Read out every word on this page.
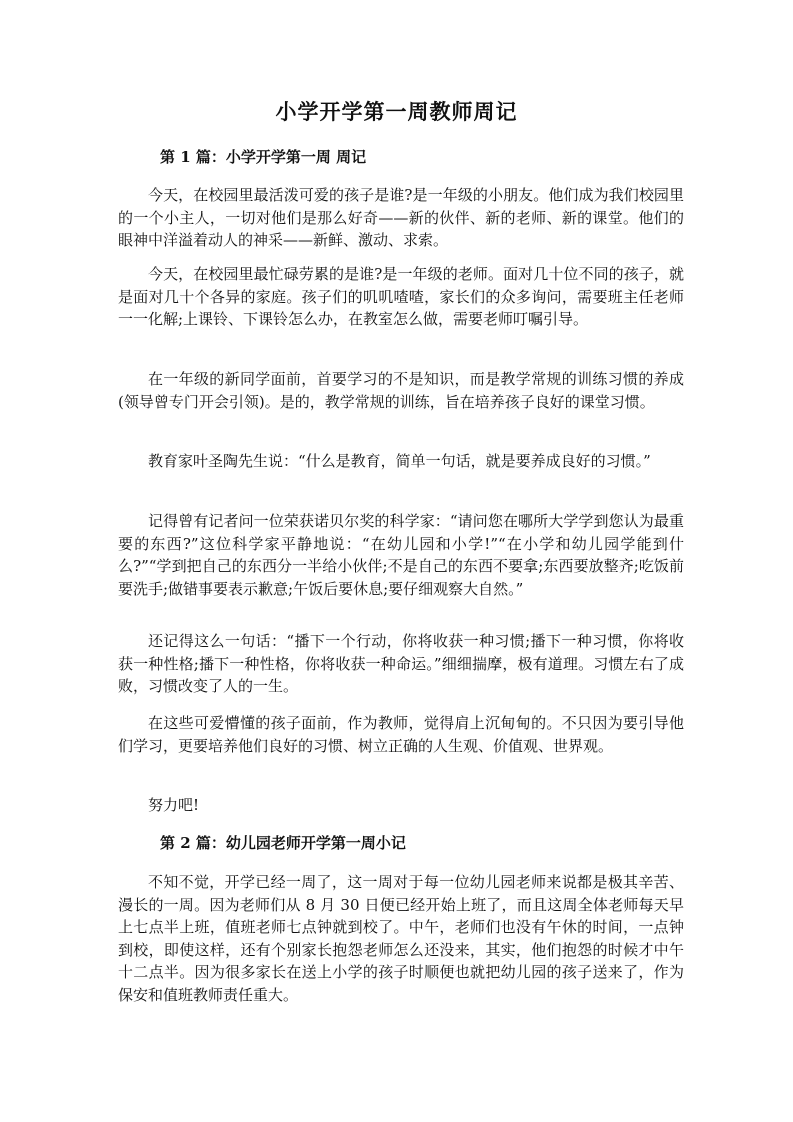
小学开学第一周教师周记
第 1 篇：小学开学第一周 周记
今天，在校园里最活泼可爱的孩子是谁?是一年级的小朋友。他们成为我们校园里的一个小主人，一切对他们是那么好奇——新的伙伴、新的老师、新的课堂。他们的眼神中洋溢着动人的神采——新鲜、激动、求索。
今天，在校园里最忙碌劳累的是谁?是一年级的老师。面对几十位不同的孩子，就是面对几十个各异的家庭。孩子们的叽叽喳喳，家长们的众多询问，需要班主任老师一一化解;上课铃、下课铃怎么办，在教室怎么做，需要老师叮嘱引导。
在一年级的新同学面前，首要学习的不是知识，而是教学常规的训练习惯的养成(领导曾专门开会引领)。是的，教学常规的训练，旨在培养孩子良好的课堂习惯。
教育家叶圣陶先生说：“什么是教育，简单一句话，就是要养成良好的习惯。”
记得曾有记者问一位荣获诺贝尔奖的科学家：“请问您在哪所大学学到您认为最重要的东西?”这位科学家平静地说：“在幼儿园和小学!”“在小学和幼儿园学能到什么?”“学到把自己的东西分一半给小伙伴;不是自己的东西不要拿;东西要放整齐;吃饭前要洗手;做错事要表示歉意;午饭后要休息;要仔细观察大自然。”
还记得这么一句话：“播下一个行动，你将收获一种习惯;播下一种习惯，你将收获一种性格;播下一种性格，你将收获一种命运。”细细揣摩，极有道理。习惯左右了成败，习惯改变了人的一生。
在这些可爱懵懂的孩子面前，作为教师，觉得肩上沉甸甸的。不只因为要引导他们学习，更要培养他们良好的习惯、树立正确的人生观、价值观、世界观。
努力吧!
第 2 篇：幼儿园老师开学第一周小记
不知不觉，开学已经一周了，这一周对于每一位幼儿园老师来说都是极其辛苦、漫长的一周。因为老师们从 8 月 30 日便已经开始上班了，而且这周全体老师每天早上七点半上班，值班老师七点钟就到校了。中午，老师们也没有午休的时间，一点钟到校，即使这样，还有个别家长抱怨老师怎么还没来，其实，他们抱怨的时候才中午十二点半。因为很多家长在送上小学的孩子时顺便也就把幼儿园的孩子送来了，作为保安和值班教师责任重大。
